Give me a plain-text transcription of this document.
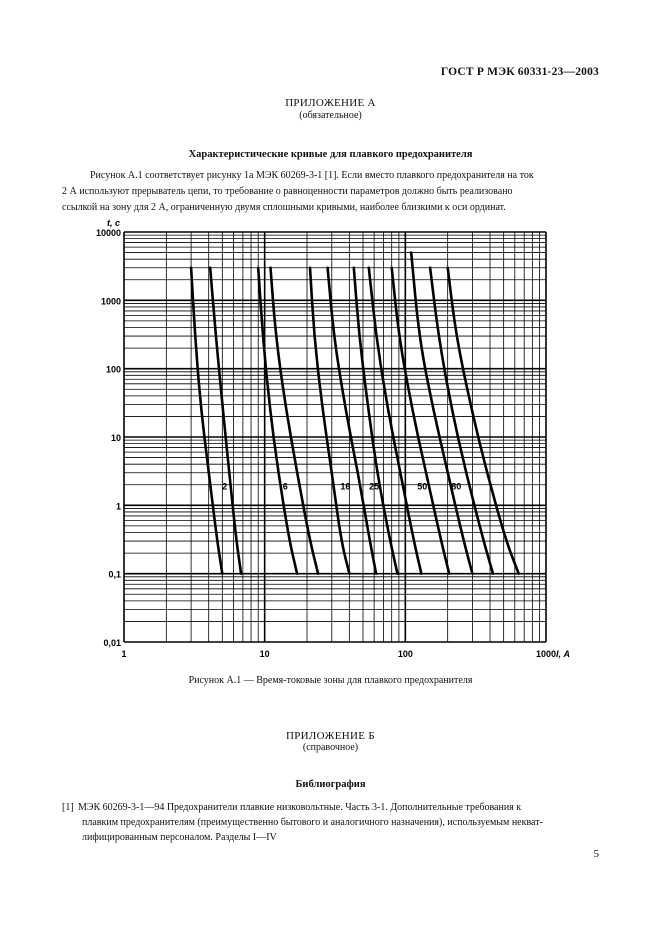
ГОСТ Р МЭК 60331-23—2003
ПРИЛОЖЕНИЕ А
(обязательное)
Характеристические кривые для плавкого предохранителя
Рисунок А.1 соответствует рисунку 1а МЭК 60269-3-1 [1]. Если вместо плавкого предохранителя на ток
2 А используют прерыватель цепи, то требование о равноценности параметров должно быть реализовано
ссылкой на зону для 2 А, ограниченную двумя сплошными кривыми, наиболее близкими к оси ординат.
0,01
0,1
1
10
100
1000
10000
1	10	100	1000
t, с
I, А
2	6	16 25	50	80
Рисунок А.1 — Время-токовые зоны для плавкого предохранителя
ПРИЛОЖЕНИЕ Б
(справочное)
Библиография
[1] МЭК 60269-3-1—94 Предохранители плавкие низковольтные. Часть 3-1. Дополнительные требования к
плавким предохранителям (преимущественно бытового и аналогичного назначения), используемым некват-
лифицированным персоналом. Разделы I—IV
5
